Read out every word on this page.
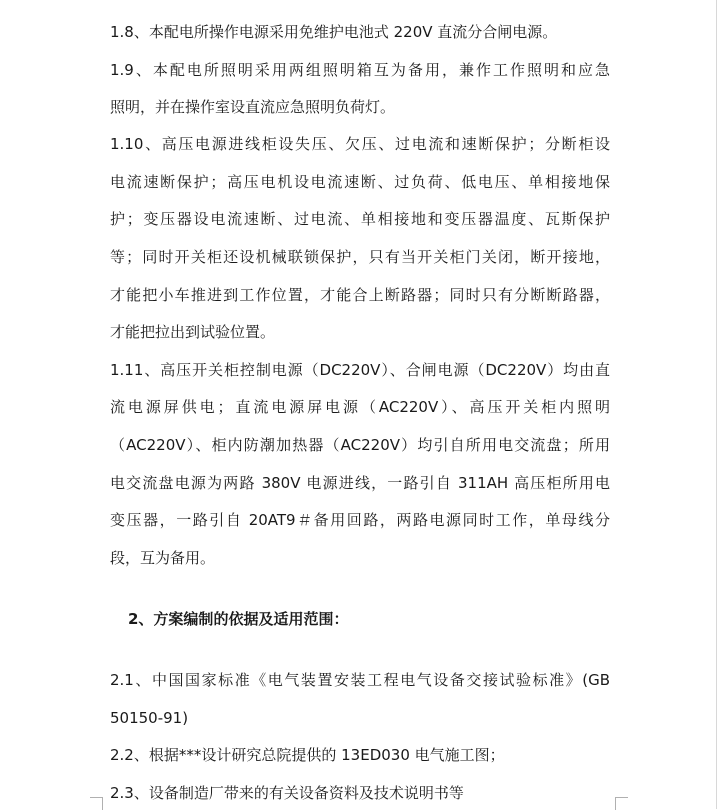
1.8、本配电所操作电源采用免维护电池式 220V 直流分合闸电源。
1.9、本配电所照明采用两组照明箱互为备用，兼作工作照明和应急
照明，并在操作室设直流应急照明负荷灯。
1.10、高压电源进线柜设失压、欠压、过电流和速断保护；分断柜设
电流速断保护；高压电机设电流速断、过负荷、低电压、单相接地保
护；变压器设电流速断、过电流、单相接地和变压器温度、瓦斯保护
等；同时开关柜还设机械联锁保护，只有当开关柜门关闭，断开接地，
才能把小车推进到工作位置，才能合上断路器；同时只有分断断路器，
才能把拉出到试验位置。
1.11、高压开关柜控制电源（DC220V）、合闸电源（DC220V）均由直
流电源屏供电；直流电源屏电源（AC220V）、高压开关柜内照明
（AC220V）、柜内防潮加热器（AC220V）均引自所用电交流盘；所用
电交流盘电源为两路 380V 电源进线，一路引自 311AH 高压柜所用电
变压器，一路引自 20AT9＃备用回路，两路电源同时工作，单母线分
段，互为备用。
2、方案编制的依据及适用范围：
2.1、中国国家标准《电气装置安装工程电气设备交接试验标准》(GB
50150-91)
2.2、根据***设计研究总院提供的 13ED030 电气施工图；
2.3、设备制造厂带来的有关设备资料及技术说明书等
